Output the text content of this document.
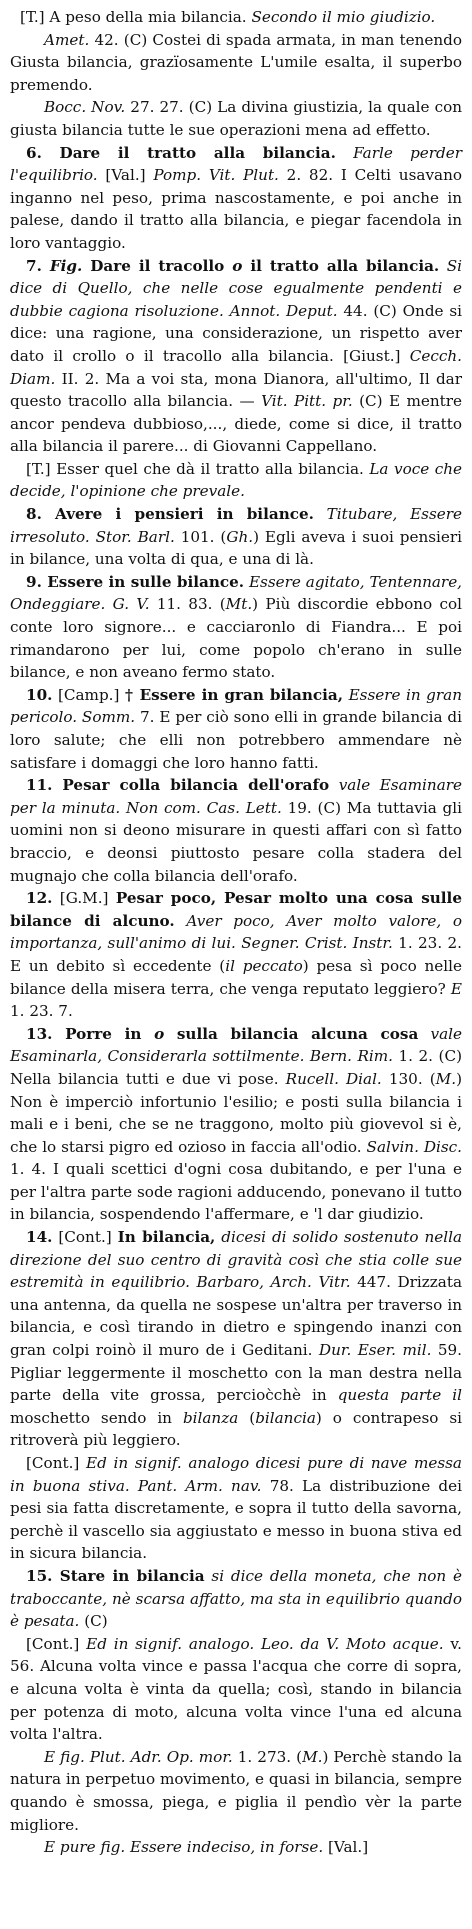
[T.] A peso della mia bilancia. Secondo il mio giudizio.

Amet. 42. (C) Costei di spada armata, in man tenendo Giusta bilancia, grazïosamente L'umile esalta, il superbo premendo.

Bocc. Nov. 27. 27. (C) La divina giustizia, la quale con giusta bilancia tutte le sue operazioni mena ad effetto.

6. Dare il tratto alla bilancia. Farle perder l'equilibrio. [Val.] Pomp. Vit. Plut. 2. 82. I Celti usavano inganno nel peso, prima nascostamente, e poi anche in palese, dando il tratto alla bilancia, e piegar facendola in loro vantaggio.

7. Fig. Dare il tracollo o il tratto alla bilancia. Si dice di Quello, che nelle cose egualmente pendenti e dubbie cagiona risoluzione. Annot. Deput. 44. (C) Onde si dice: una ragione, una considerazione, un rispetto aver dato il crollo o il tracollo alla bilancia. [Giust.] Cecch. Diam. II. 2. Ma a voi sta, mona Dianora, all'ultimo, Il dar questo tracollo alla bilancia. — Vit. Pitt. pr. (C) E mentre ancor pendeva dubbioso,..., diede, come si dice, il tratto alla bilancia il parere... di Giovanni Cappellano.

[T.] Esser quel che dà il tratto alla bilancia. La voce che decide, l'opinione che prevale.

8. Avere i pensieri in bilance. Titubare, Essere irresoluto. Stor. Barl. 101. (Gh.) Egli aveva i suoi pensieri in bilance, una volta di qua, e una di là.

9. Essere in sulle bilance. Essere agitato, Tentennare, Ondeggiare. G. V. 11. 83. (Mt.) Più discordie ebbono col conte loro signore... e cacciaronlo di Fiandra... E poi rimandarono per lui, come popolo ch'erano in sulle bilance, e non aveano fermo stato.

10. [Camp.] † Essere in gran bilancia, Essere in gran pericolo. Somm. 7. E per ciò sono elli in grande bilancia di loro salute; che elli non potrebbero ammendare nè satisfare i domaggi che loro hanno fatti.

11. Pesar colla bilancia dell'orafo vale Esaminare per la minuta. Non com. Cas. Lett. 19. (C) Ma tuttavia gli uomini non si deono misurare in questi affari con sì fatto braccio, e deonsi piuttosto pesare colla stadera del mugnajo che colla bilancia dell'orafo.

12. [G.M.] Pesar poco, Pesar molto una cosa sulle bilance di alcuno. Aver poco, Aver molto valore, o importanza, sull'animo di lui. Segner. Crist. Instr. 1. 23. 2. E un debito sì eccedente (il peccato) pesa sì poco nelle bilance della misera terra, che venga reputato leggiero? E 1. 23. 7.

13. Porre in o sulla bilancia alcuna cosa vale Esaminarla, Considerarla sottilmente. Bern. Rim. 1. 2. (C) Nella bilancia tutti e due vi pose. Rucell. Dial. 130. (M.) Non è imperciò infortunio l'esilio; e posti sulla bilancia i mali e i beni, che se ne traggono, molto più giovevol si è, che lo starsi pigro ed ozioso in faccia all'odio. Salvin. Disc. 1. 4. I quali scettici d'ogni cosa dubitando, e per l'una e per l'altra parte sode ragioni adducendo, ponevano il tutto in bilancia, sospendendo l'affermare, e 'l dar giudizio.

14. [Cont.] In bilancia, dicesi di solido sostenuto nella direzione del suo centro di gravità così che stia colle sue estremità in equilibrio. Barbaro, Arch. Vitr. 447. Drizzata una antenna, da quella ne sospese un'altra per traverso in bilancia, e così tirando in dietro e spingendo inanzi con gran colpi roinò il muro de i Geditani. Dur. Eser. mil. 59. Pigliar leggermente il moschetto con la man destra nella parte della vite grossa, percioc̀chè in questa parte il moschetto sendo in bilanza (bilancia) o contrapeso si ritroverà più leggiero.

[Cont.] Ed in signif. analogo dicesi pure di nave messa in buona stiva. Pant. Arm. nav. 78. La distribuzione dei pesi sia fatta discretamente, e sopra il tutto della savorna, perchè il vascello sia aggiustato e messo in buona stiva ed in sicura bilancia.

15. Stare in bilancia si dice della moneta, che non è traboccante, nè scarsa affatto, ma sta in equilibrio quando è pesata. (C)

[Cont.] Ed in signif. analogo. Leo. da V. Moto acque. v. 56. Alcuna volta vince e passa l'acqua che corre di sopra, e alcuna volta è vinta da quella; così, stando in bilancia per potenza di moto, alcuna volta vince l'una ed alcuna volta l'altra.

E fig. Plut. Adr. Op. mor. 1. 273. (M.) Perchè stando la natura in perpetuo movimento, e quasi in bilancia, sempre quando è smossa, piega, e piglia il pendìo vèr la parte migliore.

E pure fig. Essere indeciso, in forse. [Val.]
